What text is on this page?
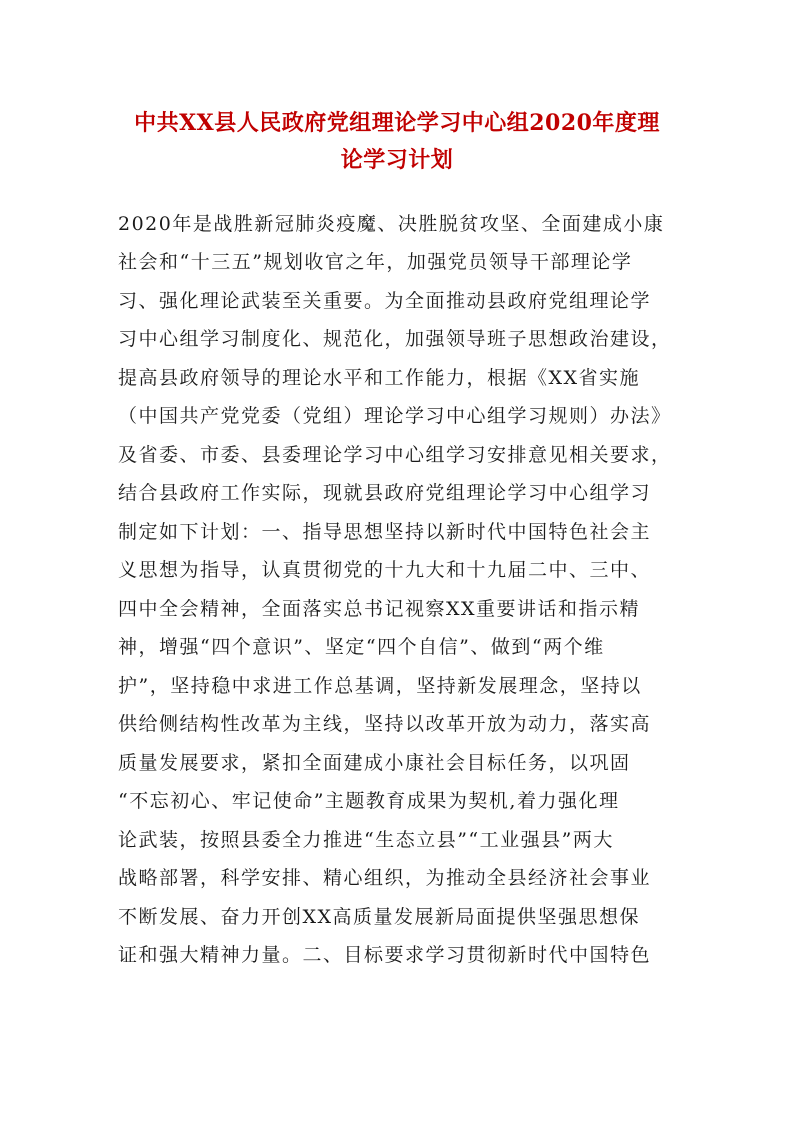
中共XX县人民政府党组理论学习中心组2020年度理
论学习计划
2020年是战胜新冠肺炎疫魔、决胜脱贫攻坚、全面建成小康
社会和“十三五”规划收官之年，加强党员领导干部理论学
习、强化理论武装至关重要。为全面推动县政府党组理论学
习中心组学习制度化、规范化，加强领导班子思想政治建设，
提高县政府领导的理论水平和工作能力，根据《XX省实施
（中国共产党党委（党组）理论学习中心组学习规则）办法》
及省委、市委、县委理论学习中心组学习安排意见相关要求，
结合县政府工作实际，现就县政府党组理论学习中心组学习
制定如下计划：一、指导思想坚持以新时代中国特色社会主
义思想为指导，认真贯彻党的十九大和十九届二中、三中、
四中全会精神，全面落实总书记视察XX重要讲话和指示精
神，增强“四个意识”、坚定“四个自信”、做到“两个维
护”，坚持稳中求进工作总基调，坚持新发展理念，坚持以
供给侧结构性改革为主线，坚持以改革开放为动力，落实高
质量发展要求，紧扣全面建成小康社会目标任务，以巩固
“不忘初心、牢记使命”主题教育成果为契机,着力强化理
论武装，按照县委全力推进“生态立县”“工业强县”两大
战略部署，科学安排、精心组织，为推动全县经济社会事业
不断发展、奋力开创XX高质量发展新局面提供坚强思想保
证和强大精神力量。二、目标要求学习贯彻新时代中国特色
